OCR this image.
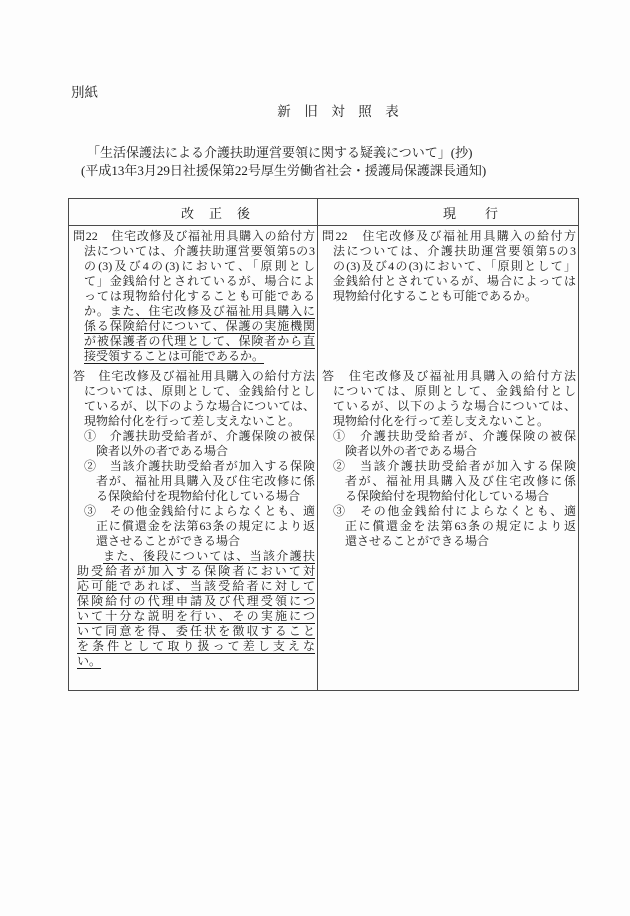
別紙
新　旧　対　照　表
「生活保護法による介護扶助運営要領に関する疑義について」(抄)
(平成13年3月29日社援保第22号厚生労働省社会・援護局保護課長通知)
改　正　後	現　　行
問22　住宅改修及び福祉用具購入の給付方
法については、介護扶助運営要領第5の3
の(3)及び4の(3)において、「原則とし
て」金銭給付とされているが、場合によ
っては現物給付化することも可能である
か。また、住宅改修及び福祉用具購入に
係る保険給付について、保護の実施機関
が被保護者の代理として、保険者から直
接受領することは可能であるか。
答　住宅改修及び福祉用具購入の給付方法
については、原則として、金銭給付とし
ているが、以下のような場合については、
現物給付化を行って差し支えないこと。
①　介護扶助受給者が、介護保険の被保
険者以外の者である場合
②　当該介護扶助受給者が加入する保険
者が、福祉用具購入及び住宅改修に係
る保険給付を現物給付化している場合
③　その他金銭給付によらなくとも、適
正に償還金を法第63条の規定により返
還させることができる場合
また、後段については、当該介護扶
助受給者が加入する保険者において対
応可能であれば、当該受給者に対して
保険給付の代理申請及び代理受領につ
いて十分な説明を行い、その実施につ
いて同意を得、委任状を徴収すること
を条件として取り扱って差し支えな
い。
問22　住宅改修及び福祉用具購入の給付方
法については、介護扶助運営要領第5の3
の(3)及び4の(3)において、「原則として」
金銭給付とされているが、場合によっては
現物給付化することも可能であるか。
答　住宅改修及び福祉用具購入の給付方法
については、原則として、金銭給付とし
ているが、以下のような場合については、
現物給付化を行って差し支えないこと。
①　介護扶助受給者が、介護保険の被保
険者以外の者である場合
②　当該介護扶助受給者が加入する保険
者が、福祉用具購入及び住宅改修に係
る保険給付を現物給付化している場合
③　その他金銭給付によらなくとも、適
正に償還金を法第63条の規定により返
還させることができる場合
